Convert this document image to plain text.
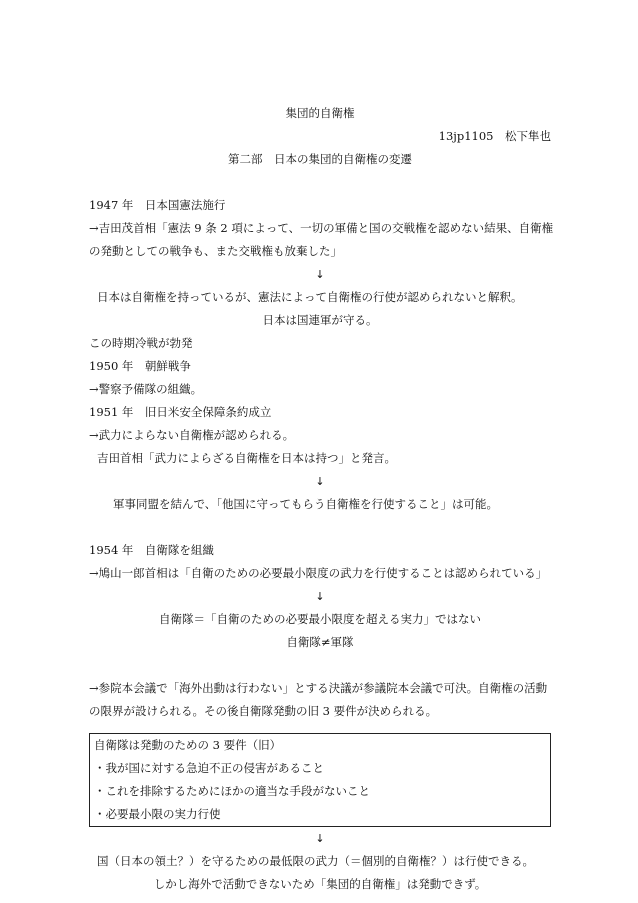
集団的自衛権
13jp1105　松下隼也
第二部　日本の集団的自衛権の変遷
1947 年　日本国憲法施行
→吉田茂首相「憲法 9 条 2 項によって、一切の軍備と国の交戦権を認めない結果、自衛権
の発動としての戦争も、また交戦権も放棄した」
↓
日本は自衛権を持っているが、憲法によって自衛権の行使が認められないと解釈。
日本は国連軍が守る。
この時期冷戦が勃発
1950 年　朝鮮戦争
→警察予備隊の組織。
1951 年　旧日米安全保障条約成立
→武力によらない自衛権が認められる。
吉田首相「武力によらざる自衛権を日本は持つ」と発言。
↓
軍事同盟を結んで、「他国に守ってもらう自衛権を行使すること」は可能。
1954 年　自衛隊を組織
→鳩山一郎首相は「自衛のための必要最小限度の武力を行使することは認められている」
↓
自衛隊＝「自衛のための必要最小限度を超える実力」ではない
自衛隊≠軍隊
→参院本会議で「海外出動は行わない」とする決議が参議院本会議で可決。自衛権の活動
の限界が設けられる。その後自衛隊発動の旧 3 要件が決められる。
自衛隊は発動のための 3 要件（旧）
・我が国に対する急迫不正の侵害があること
・これを排除するためにほかの適当な手段がないこと
・必要最小限の実力行使
↓
国（日本の領土？）を守るための最低限の武力（＝個別的自衛権？）は行使できる。
しかし海外で活動できないため「集団的自衛権」は発動できず。
